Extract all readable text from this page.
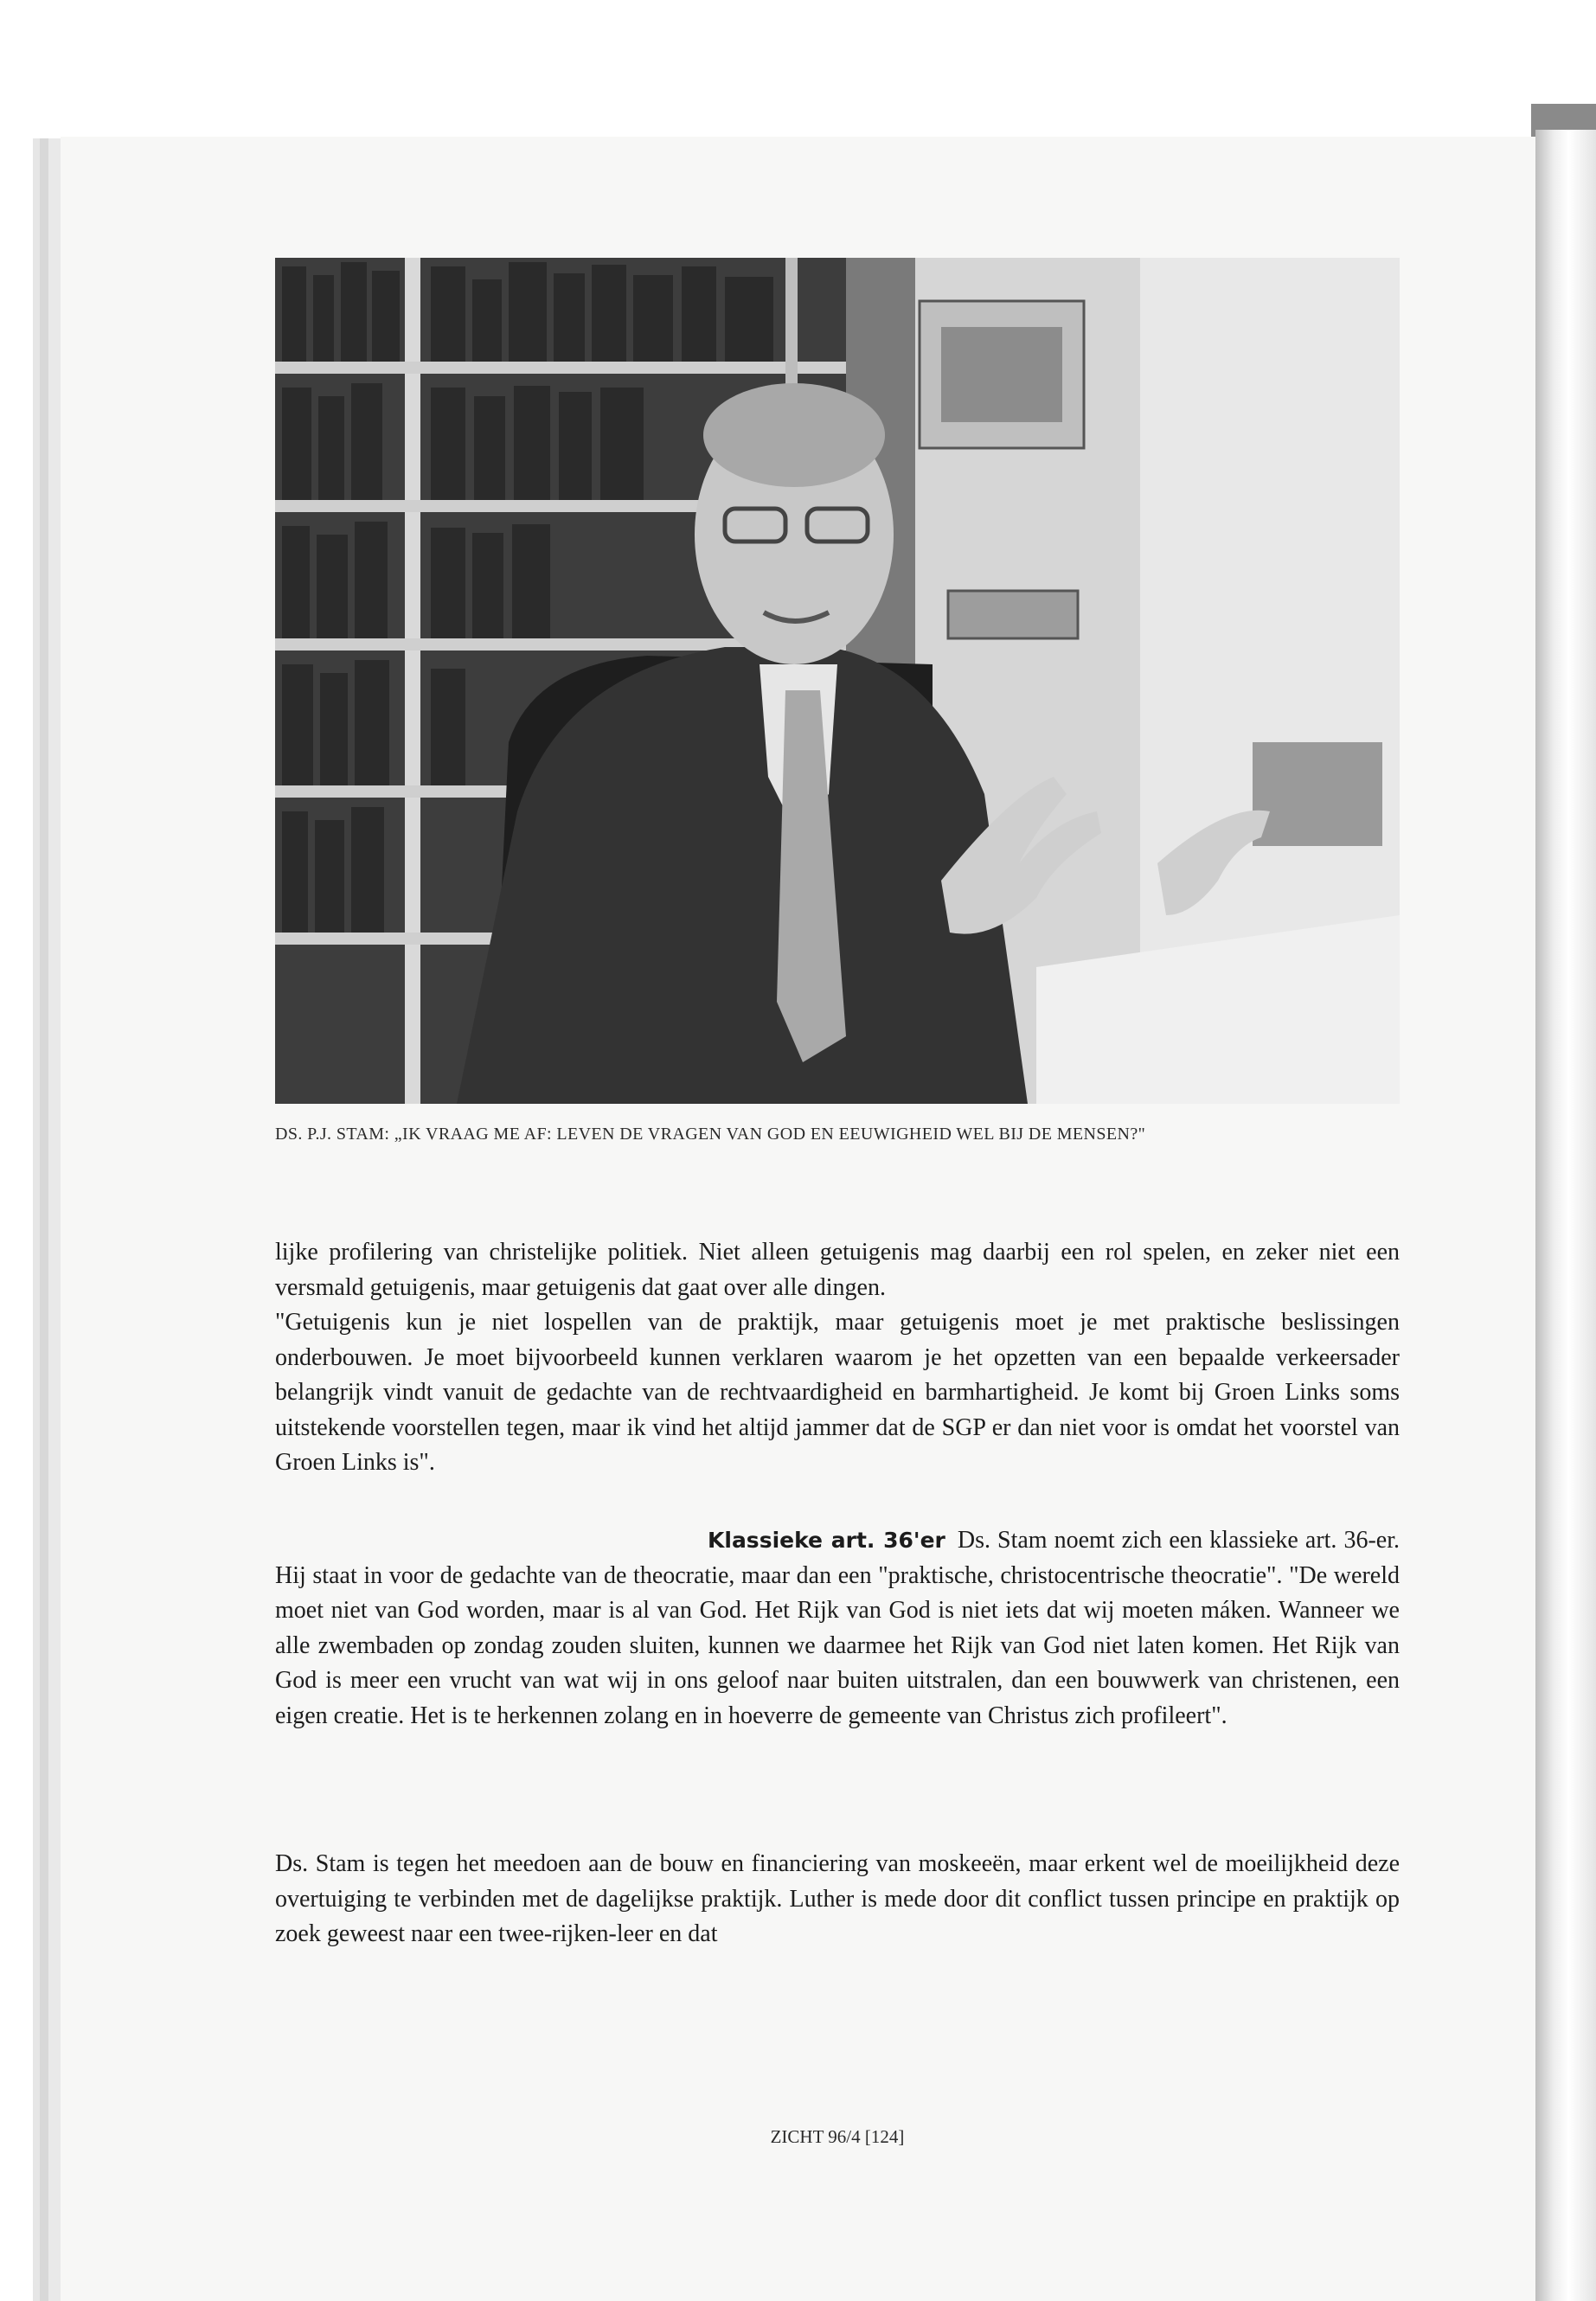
DS. P.J. STAM: „IK VRAAG ME AF: LEVEN DE VRAGEN VAN GOD EN EEUWIGHEID WEL BIJ DE MENSEN?"

lijke profilering van christelijke politiek. Niet alleen getuigenis mag daarbij een rol spelen, en zeker niet een versmald getuigenis, maar getuigenis dat gaat over alle dingen.

"Getuigenis kun je niet lospellen van de praktijk, maar getuigenis moet je met praktische beslissingen onderbouwen. Je moet bijvoorbeeld kunnen verklaren waarom je het opzetten van een bepaalde verkeersader belangrijk vindt vanuit de gedachte van de rechtvaardigheid en barmhartigheid. Je komt bij Groen Links soms uitstekende voorstellen tegen, maar ik vind het altijd jammer dat de SGP er dan niet voor is omdat het voorstel van Groen Links is".

Klassieke art. 36'er Ds. Stam noemt zich een klassieke art. 36-er. Hij staat in voor de gedachte van de theocratie, maar dan een "praktische, christocentrische theocratie". "De wereld moet niet van God worden, maar is al van God. Het Rijk van God is niet iets dat wij moeten máken. Wanneer we alle zwembaden op zondag zouden sluiten, kunnen we daarmee het Rijk van God niet laten komen. Het Rijk van God is meer een vrucht van wat wij in ons geloof naar buiten uitstralen, dan een bouwwerk van christenen, een eigen creatie. Het is te herkennen zolang en in hoeverre de gemeente van Christus zich profileert".

Ds. Stam is tegen het meedoen aan de bouw en financiering van moskeeën, maar erkent wel de moeilijkheid deze overtuiging te verbinden met de dagelijkse praktijk. Luther is mede door dit conflict tussen principe en praktijk op zoek geweest naar een twee-rijken-leer en dat

ZICHT 96/4 [124]
